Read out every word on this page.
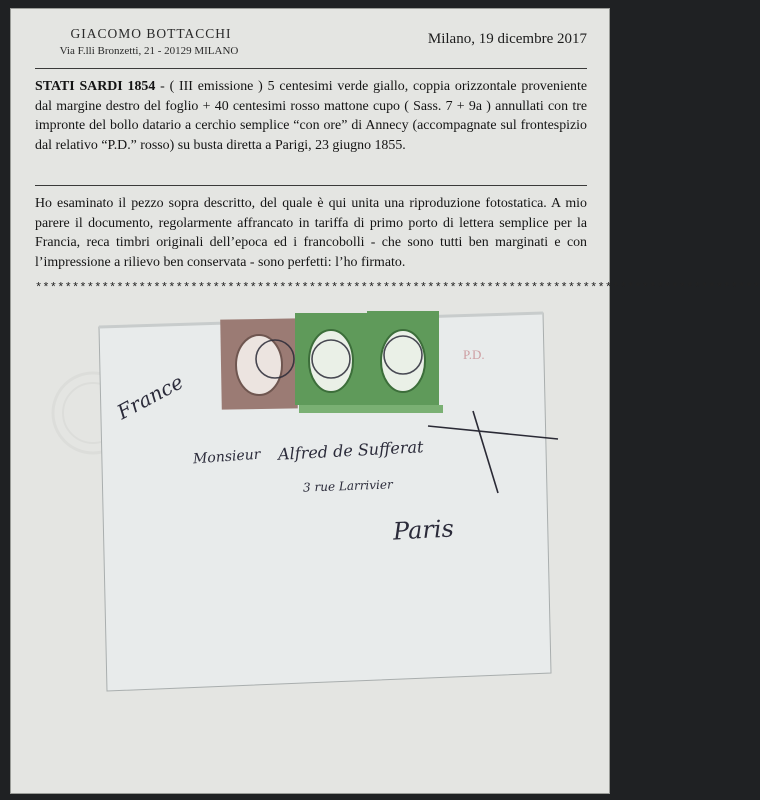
GIACOMO BOTTACCHI
Via F.lli Bronzetti, 21 - 20129 MILANO
Milano, 19 dicembre 2017

STATI SARDI 1854 - ( III emissione ) 5 centesimi verde giallo, coppia orizzontale proveniente dal margine destro del foglio + 40 centesimi rosso mattone cupo ( Sass. 7 + 9a ) annullati con tre impronte del bollo datario a cerchio semplice “con ore” di Annecy (accompagnate sul frontespizio dal relativo “P.D.” rosso) su busta diretta a Parigi, 23 giugno 1855.

Ho esaminato il pezzo sopra descritto, del quale è qui unita una riproduzione fotostatica. A mio parere il documento, regolarmente affrancato in tariffa di primo porto di lettera semplice per la Francia, reca timbri originali dell’epoca ed i francobolli - che sono tutti ben marginati e con l’impressione a rilievo ben conservata - sono perfetti: l’ho firmato.

**************************************************************************************************
P.D.
France
Monsieur Alfred de Sufferat
3 rue Larrivier
Paris
